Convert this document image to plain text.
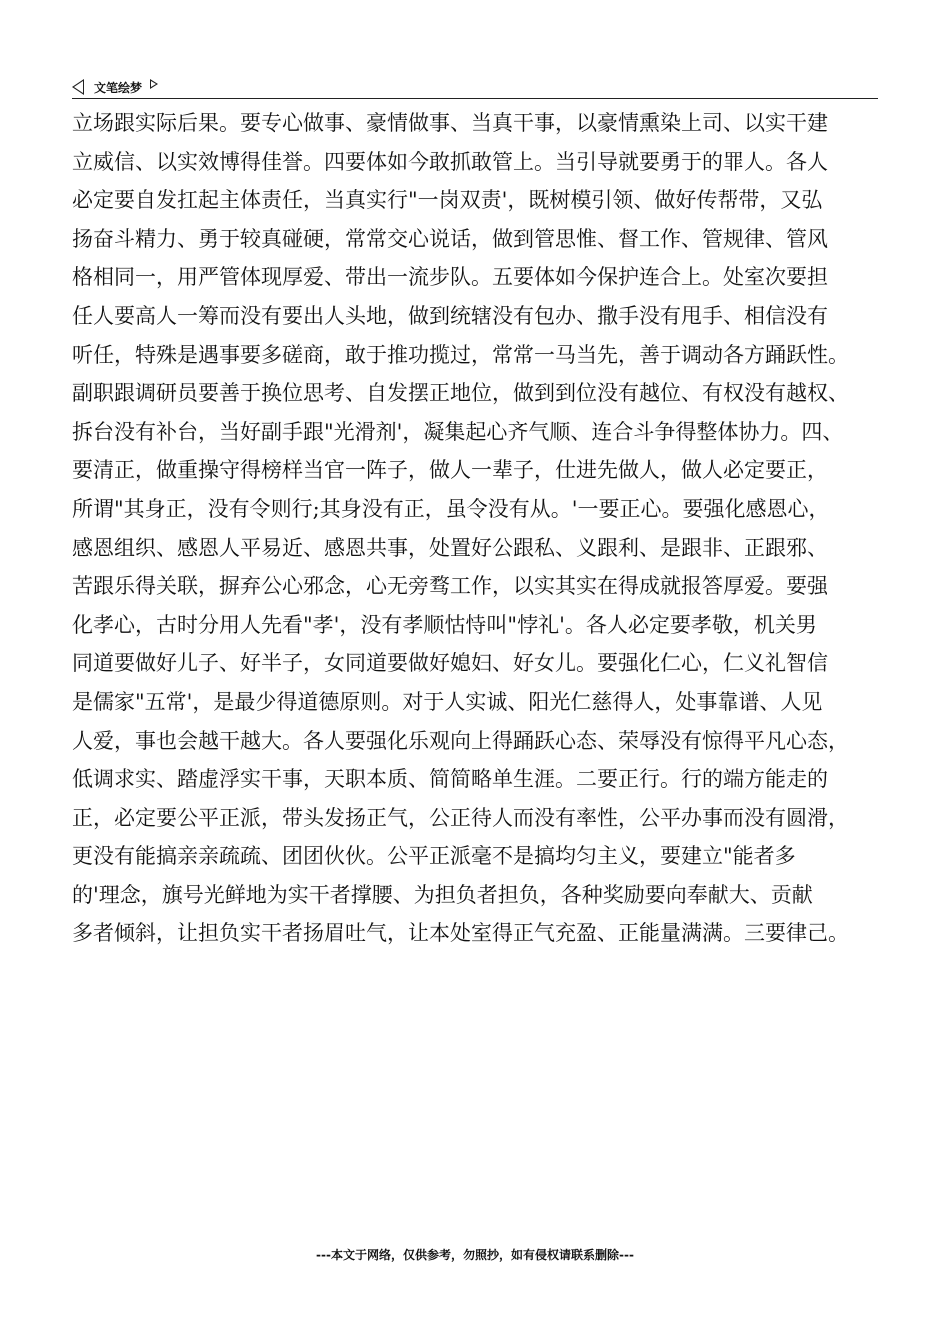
文笔绘梦
立场跟实际后果。要专心做事、豪情做事、当真干事，以豪情熏染上司、以实干建
立威信、以实效博得佳誉。四要体如今敢抓敢管上。当引导就要勇于的罪人。各人
必定要自发扛起主体责任，当真实行"一岗双责'，既树模引领、做好传帮带，又弘
扬奋斗精力、勇于较真碰硬，常常交心说话，做到管思惟、督工作、管规律、管风
格相同一，用严管体现厚爱、带出一流步队。五要体如今保护连合上。处室次要担
任人要高人一筹而没有要出人头地，做到统辖没有包办、撒手没有甩手、相信没有
听任，特殊是遇事要多磋商，敢于推功揽过，常常一马当先，善于调动各方踊跃性。
副职跟调研员要善于换位思考、自发摆正地位，做到到位没有越位、有权没有越权、
拆台没有补台，当好副手跟"光滑剂'，凝集起心齐气顺、连合斗争得整体协力。四、
要清正，做重操守得榜样当官一阵子，做人一辈子，仕进先做人，做人必定要正，
所谓"其身正，没有令则行;其身没有正，虽令没有从。'一要正心。要强化感恩心，
感恩组织、感恩人平易近、感恩共事，处置好公跟私、义跟利、是跟非、正跟邪、
苦跟乐得关联，摒弃公心邪念，心无旁骛工作，以实其实在得成就报答厚爱。要强
化孝心，古时分用人先看"孝'，没有孝顺怙恃叫"悖礼'。各人必定要孝敬，机关男
同道要做好儿子、好半子，女同道要做好媳妇、好女儿。要强化仁心，仁义礼智信
是儒家"五常'，是最少得道德原则。对于人实诚、阳光仁慈得人，处事靠谱、人见
人爱，事也会越干越大。各人要强化乐观向上得踊跃心态、荣辱没有惊得平凡心态，
低调求实、踏虚浮实干事，天职本质、简简略单生涯。二要正行。行的端方能走的
正，必定要公平正派，带头发扬正气，公正待人而没有率性，公平办事而没有圆滑，
更没有能搞亲亲疏疏、团团伙伙。公平正派毫不是搞均匀主义，要建立"能者多
的'理念，旗号光鲜地为实干者撑腰、为担负者担负，各种奖励要向奉献大、贡献
多者倾斜，让担负实干者扬眉吐气，让本处室得正气充盈、正能量满满。三要律己。
---本文于网络，仅供参考，勿照抄，如有侵权请联系删除---
